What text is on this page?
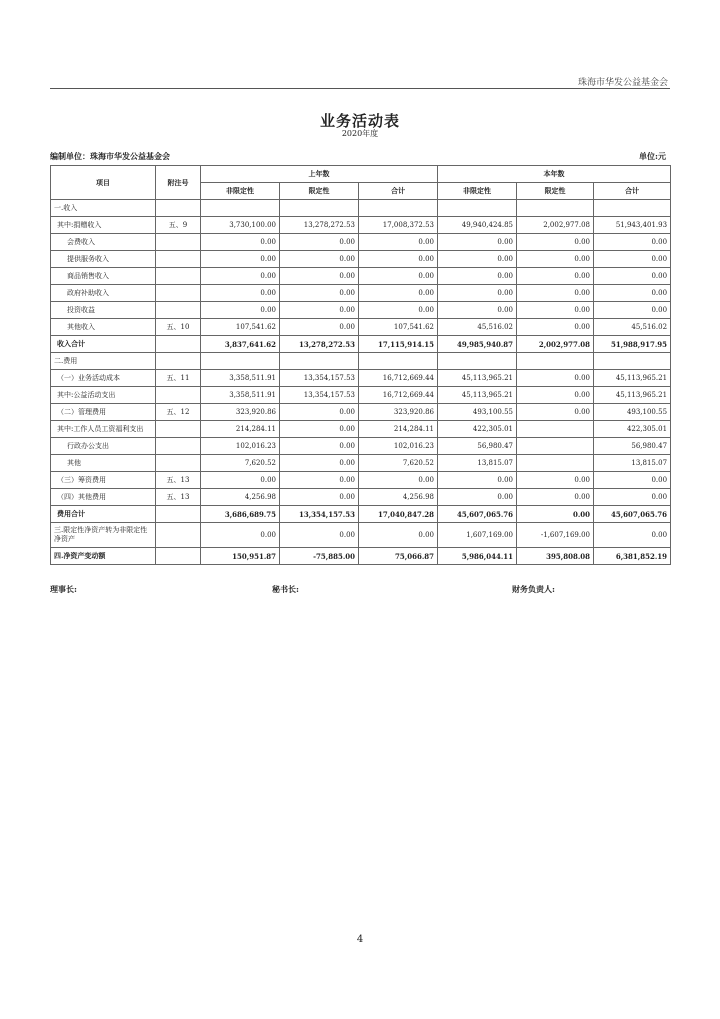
珠海市华发公益基金会
业务活动表
2020年度
编制单位：珠海市华发公益基金会	单位:元
项目	附注号	上年数			本年数		
		非限定性	限定性	合计	非限定性	限定性	合计
一.收入							
其中:捐赠收入	五、9	3,730,100.00	13,278,272.53	17,008,372.53	49,940,424.85	2,002,977.08	51,943,401.93
会费收入		0.00	0.00	0.00	0.00	0.00	0.00
提供服务收入		0.00	0.00	0.00	0.00	0.00	0.00
商品销售收入		0.00	0.00	0.00	0.00	0.00	0.00
政府补助收入		0.00	0.00	0.00	0.00	0.00	0.00
投资收益		0.00	0.00	0.00	0.00	0.00	0.00
其他收入	五、10	107,541.62	0.00	107,541.62	45,516.02	0.00	45,516.02
收入合计		3,837,641.62	13,278,272.53	17,115,914.15	49,985,940.87	2,002,977.08	51,988,917.95
二.费用							
（一）业务活动成本	五、11	3,358,511.91	13,354,157.53	16,712,669.44	45,113,965.21	0.00	45,113,965.21
其中:公益活动支出		3,358,511.91	13,354,157.53	16,712,669.44	45,113,965.21	0.00	45,113,965.21
（二）管理费用	五、12	323,920.86	0.00	323,920.86	493,100.55	0.00	493,100.55
其中:工作人员工资福利支出		214,284.11	0.00	214,284.11	422,305.01		422,305.01
行政办公支出		102,016.23	0.00	102,016.23	56,980.47		56,980.47
其他		7,620.52	0.00	7,620.52	13,815.07		13,815.07
（三）筹资费用	五、13	0.00	0.00	0.00	0.00	0.00	0.00
（四）其他费用	五、13	4,256.98	0.00	4,256.98	0.00	0.00	0.00
费用合计		3,686,689.75	13,354,157.53	17,040,847.28	45,607,065.76	0.00	45,607,065.76
三.限定性净资产转为非限定性净资产		0.00	0.00	0.00	1,607,169.00	-1,607,169.00	0.00
四.净资产变动额		150,951.87	-75,885.00	75,066.87	5,986,044.11	395,808.08	6,381,852.19
理事长:	秘书长:	财务负责人:
4
